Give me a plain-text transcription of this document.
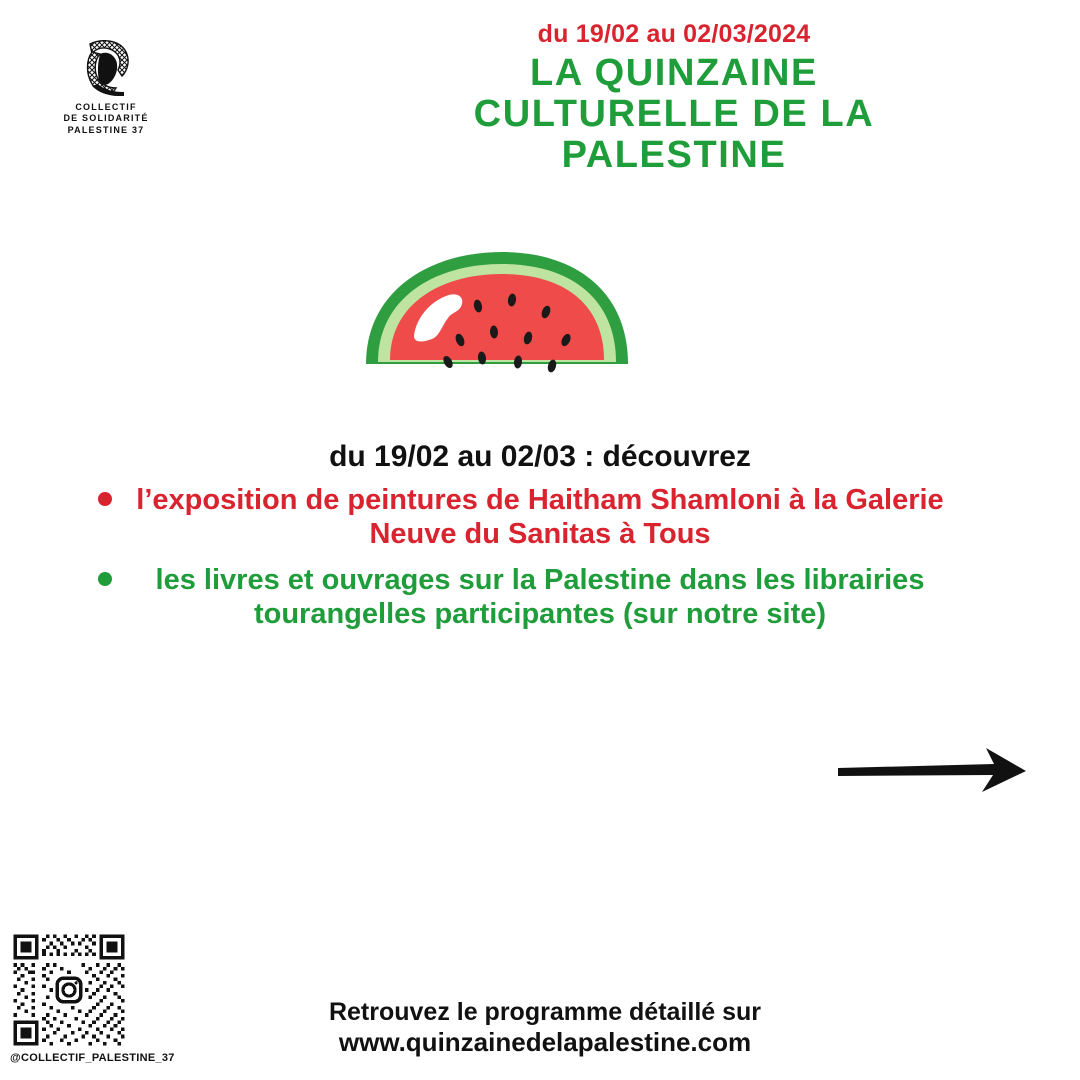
COLLECTIF
DE SOLIDARITÉ
PALESTINE 37
du 19/02 au 02/03/2024
LA QUINZAINE CULTURELLE DE LA PALESTINE
du 19/02 au 02/03 : découvrez
l’exposition de peintures de Haitham Shamloni à la Galerie Neuve du Sanitas à Tous
les livres et ouvrages sur la Palestine dans les librairies tourangelles participantes (sur notre site)
@COLLECTIF_PALESTINE_37
Retrouvez le programme détaillé sur
www.quinzainedelapalestine.com
